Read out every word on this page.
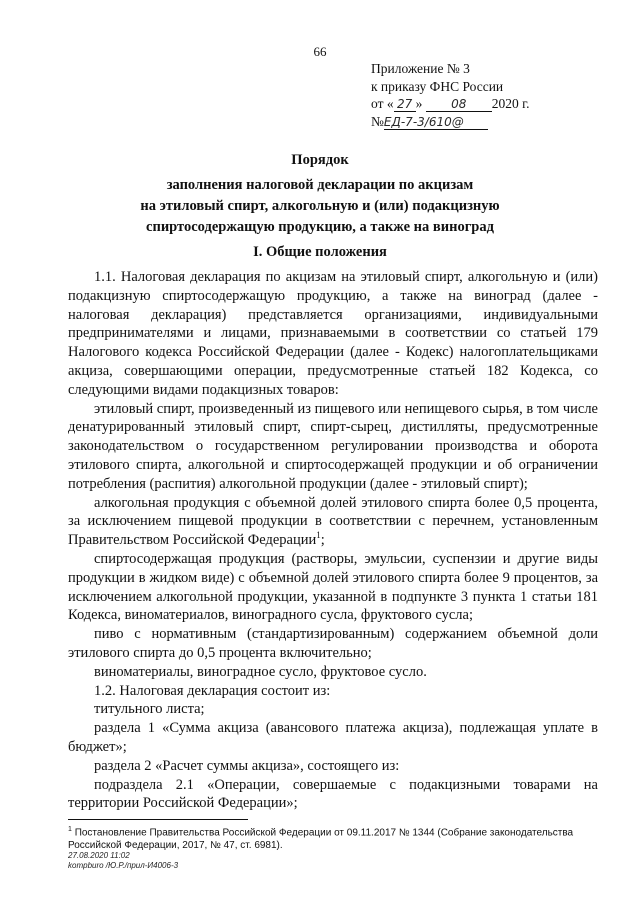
66
Приложение № 3
к приказу ФНС России
от « 27 » 08 2020 г.
№ЕД-7-3/610@
Порядок
заполнения налоговой декларации по акцизам
на этиловый спирт, алкогольную и (или) подакцизную
спиртосодержащую продукцию, а также на виноград
I. Общие положения

1.1. Налоговая декларация по акцизам на этиловый спирт, алкогольную и (или) подакцизную спиртосодержащую продукцию, а также на виноград (далее - налоговая декларация) представляется организациями, индивидуальными предпринимателями и лицами, признаваемыми в соответствии со статьей 179 Налогового кодекса Российской Федерации (далее - Кодекс) налогоплательщиками акциза, совершающими операции, предусмотренные статьей 182 Кодекса, со следующими видами подакцизных товаров:

этиловый спирт, произведенный из пищевого или непищевого сырья, в том числе денатурированный этиловый спирт, спирт-сырец, дистилляты, предусмотренные законодательством о государственном регулировании производства и оборота этилового спирта, алкогольной и спиртосодержащей продукции и об ограничении потребления (распития) алкогольной продукции (далее - этиловый спирт);

алкогольная продукция с объемной долей этилового спирта более 0,5 процента, за исключением пищевой продукции в соответствии с перечнем, установленным Правительством Российской Федерации$^1$;

спиртосодержащая продукция (растворы, эмульсии, суспензии и другие виды продукции в жидком виде) с объемной долей этилового спирта более 9 процентов, за исключением алкогольной продукции, указанной в подпункте 3 пункта 1 статьи 181 Кодекса, виноматериалов, виноградного сусла, фруктового сусла;

пиво с нормативным (стандартизированным) содержанием объемной доли этилового спирта до 0,5 процента включительно;

виноматериалы, виноградное сусло, фруктовое сусло.

1.2. Налоговая декларация состоит из:

титульного листа;

раздела 1 «Сумма акциза (авансового платежа акциза), подлежащая уплате в бюджет»;

раздела 2 «Расчет суммы акциза», состоящего из:

подраздела 2.1 «Операции, совершаемые с подакцизными товарами на территории Российской Федерации»;

$^1$ Постановление Правительства Российской Федерации от 09.11.2017 № 1344 (Собрание законодательства Российской Федерации, 2017, № 47, ст. 6981).
27.08.2020 11:02
kompburo /Ю.Р./прил-И4006-3
